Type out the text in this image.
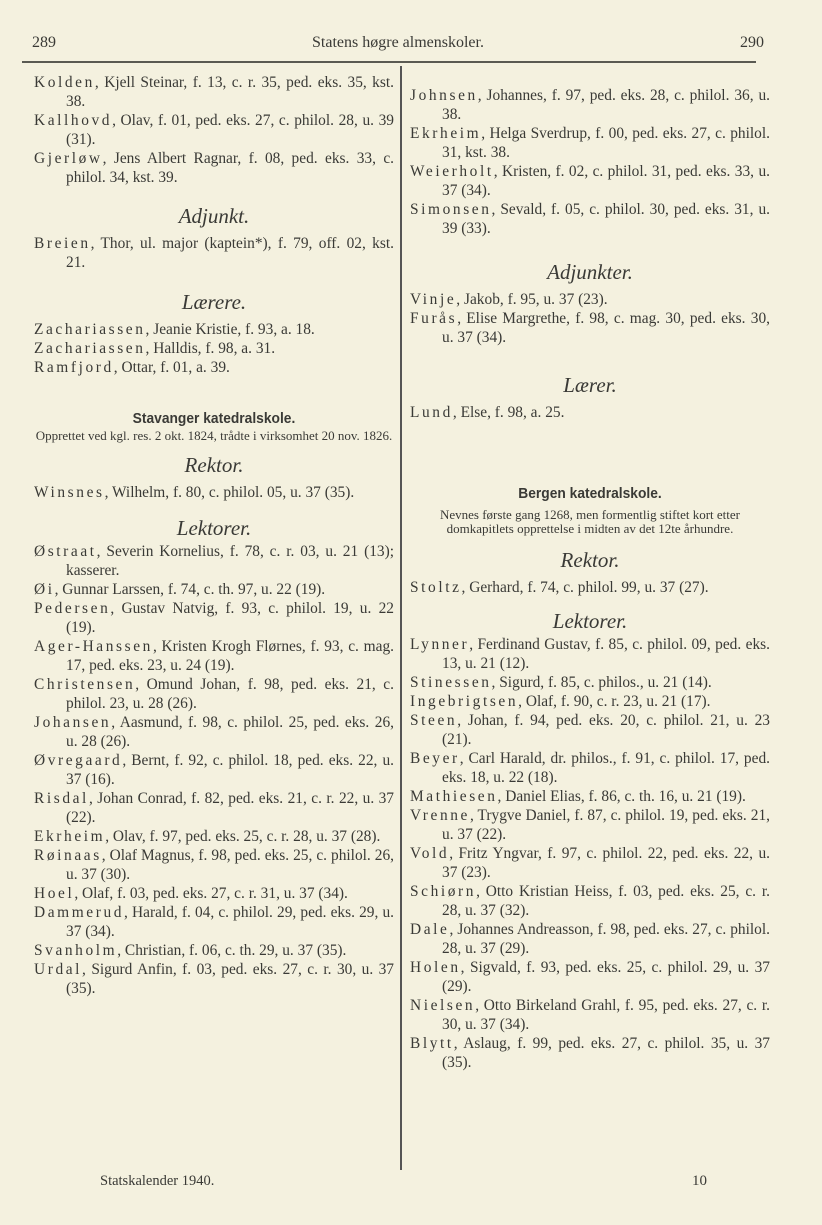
289	Statens høgre almenskoler.	290

Kolden, Kjell Steinar, f. 13, c. r. 35, ped. eks. 35, kst. 38.

Kallhovd, Olav, f. 01, ped. eks. 27, c. philol. 28, u. 39 (31).

Gjerløw, Jens Albert Ragnar, f. 08, ped. eks. 33, c. philol. 34, kst. 39.

Adjunkt.

Breien, Thor, ul. major (kaptein*), f. 79, off. 02, kst. 21.

Lærere.

Zachariassen, Jeanie Kristie, f. 93, a. 18.

Zachariassen, Halldis, f. 98, a. 31.

Ramfjord, Ottar, f. 01, a. 39.

Stavanger katedralskole.

Opprettet ved kgl. res. 2 okt. 1824, trådte i virksomhet 20 nov. 1826.

Rektor.

Winsnes, Wilhelm, f. 80, c. philol. 05, u. 37 (35).

Lektorer.

Østraat, Severin Kornelius, f. 78, c. r. 03, u. 21 (13); kasserer.

Øi, Gunnar Larssen, f. 74, c. th. 97, u. 22 (19).

Pedersen, Gustav Natvig, f. 93, c. philol. 19, u. 22 (19).

Ager-Hanssen, Kristen Krogh Flørnes, f. 93, c. mag. 17, ped. eks. 23, u. 24 (19).

Christensen, Omund Johan, f. 98, ped. eks. 21, c. philol. 23, u. 28 (26).

Johansen, Aasmund, f. 98, c. philol. 25, ped. eks. 26, u. 28 (26).

Øvregaard, Bernt, f. 92, c. philol. 18, ped. eks. 22, u. 37 (16).

Risdal, Johan Conrad, f. 82, ped. eks. 21, c. r. 22, u. 37 (22).

Ekrheim, Olav, f. 97, ped. eks. 25, c. r. 28, u. 37 (28).

Røinaas, Olaf Magnus, f. 98, ped. eks. 25, c. philol. 26, u. 37 (30).

Hoel, Olaf, f. 03, ped. eks. 27, c. r. 31, u. 37 (34).

Dammerud, Harald, f. 04, c. philol. 29, ped. eks. 29, u. 37 (34).

Svanholm, Christian, f. 06, c. th. 29, u. 37 (35).

Urdal, Sigurd Anfin, f. 03, ped. eks. 27, c. r. 30, u. 37 (35).

Johnsen, Johannes, f. 97, ped. eks. 28, c. philol. 36, u. 38.

Ekrheim, Helga Sverdrup, f. 00, ped. eks. 27, c. philol. 31, kst. 38.

Weierholt, Kristen, f. 02, c. philol. 31, ped. eks. 33, u. 37 (34).

Simonsen, Sevald, f. 05, c. philol. 30, ped. eks. 31, u. 39 (33).

Adjunkter.

Vinje, Jakob, f. 95, u. 37 (23).

Furås, Elise Margrethe, f. 98, c. mag. 30, ped. eks. 30, u. 37 (34).

Lærer.

Lund, Else, f. 98, a. 25.

Bergen katedralskole.

Nevnes første gang 1268, men formentlig stiftet kort etter domkapitlets opprettelse i midten av det 12te århundre.

Rektor.

Stoltz, Gerhard, f. 74, c. philol. 99, u. 37 (27).

Lektorer.

Lynner, Ferdinand Gustav, f. 85, c. philol. 09, ped. eks. 13, u. 21 (12).

Stinessen, Sigurd, f. 85, c. philos., u. 21 (14).

Ingebrigtsen, Olaf, f. 90, c. r. 23, u. 21 (17).

Steen, Johan, f. 94, ped. eks. 20, c. philol. 21, u. 23 (21).

Beyer, Carl Harald, dr. philos., f. 91, c. philol. 17, ped. eks. 18, u. 22 (18).

Mathiesen, Daniel Elias, f. 86, c. th. 16, u. 21 (19).

Vrenne, Trygve Daniel, f. 87, c. philol. 19, ped. eks. 21, u. 37 (22).

Vold, Fritz Yngvar, f. 97, c. philol. 22, ped. eks. 22, u. 37 (23).

Schiørn, Otto Kristian Heiss, f. 03, ped. eks. 25, c. r. 28, u. 37 (32).

Dale, Johannes Andreasson, f. 98, ped. eks. 27, c. philol. 28, u. 37 (29).

Holen, Sigvald, f. 93, ped. eks. 25, c. philol. 29, u. 37 (29).

Nielsen, Otto Birkeland Grahl, f. 95, ped. eks. 27, c. r. 30, u. 37 (34).

Blytt, Aslaug, f. 99, ped. eks. 27, c. philol. 35, u. 37 (35).

Statskalender 1940.	10
